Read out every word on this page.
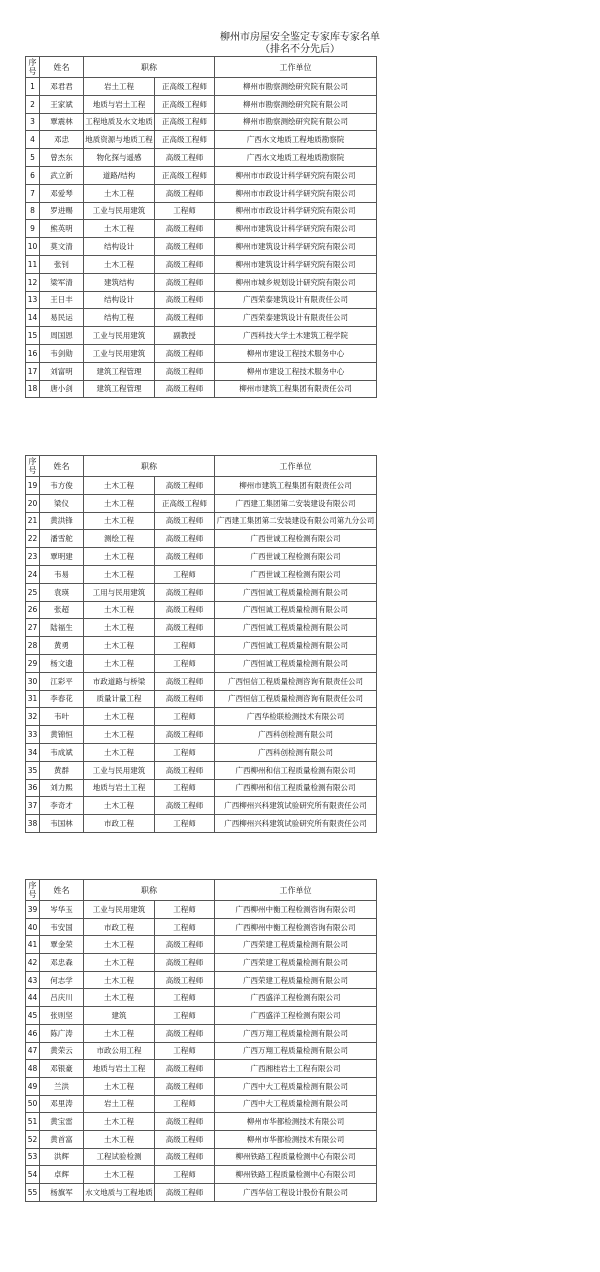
柳州市房屋安全鉴定专家库专家名单
（排名不分先后）
序号	姓名	职称		工作单位
1	邓君君	岩土工程	正高级工程师	柳州市勘察测绘研究院有限公司
2	王家斌	地质与岩土工程	正高级工程师	柳州市勘察测绘研究院有限公司
3	覃震林	工程地质及水文地质	正高级工程师	柳州市勘察测绘研究院有限公司
4	邓忠	地质资源与地质工程	正高级工程师	广西水文地质工程地质勘察院
5	曾杰东	物化探与遥感	高级工程师	广西水文地质工程地质勘察院
6	武立新	道路/结构	正高级工程师	柳州市市政设计科学研究院有限公司
7	邓爱琴	土木工程	高级工程师	柳州市市政设计科学研究院有限公司
8	罗进赐	工业与民用建筑	工程师	柳州市市政设计科学研究院有限公司
9	熊英明	土木工程	高级工程师	柳州市建筑设计科学研究院有限公司
10	莫文清	结构设计	高级工程师	柳州市建筑设计科学研究院有限公司
11	张钊	土木工程	高级工程师	柳州市建筑设计科学研究院有限公司
12	梁军清	建筑结构	高级工程师	柳州市城乡规划设计研究院有限公司
13	王日丰	结构设计	高级工程师	广西荣泰建筑设计有限责任公司
14	易民运	结构工程	高级工程师	广西荣泰建筑设计有限责任公司
15	周国恩	工业与民用建筑	副教授	广西科技大学土木建筑工程学院
16	韦剑勋	工业与民用建筑	高级工程师	柳州市建设工程技术服务中心
17	刘富明	建筑工程管理	高级工程师	柳州市建设工程技术服务中心
18	唐小剑	建筑工程管理	高级工程师	柳州市建筑工程集团有限责任公司
序号	姓名	职称		工作单位
19	韦方俊	土木工程	高级工程师	柳州市建筑工程集团有限责任公司
20	梁仪	土木工程	正高级工程师	广西建工集团第二安装建设有限公司
21	黄洪锋	土木工程	高级工程师	广西建工集团第二安装建设有限公司第九分公司
22	潘雪舵	测绘工程	高级工程师	广西世诚工程检测有限公司
23	覃明建	土木工程	高级工程师	广西世诚工程检测有限公司
24	韦易	土木工程	工程师	广西世诚工程检测有限公司
25	袁瑛	工用与民用建筑	高级工程师	广西恒诚工程质量检测有限公司
26	张超	土木工程	高级工程师	广西恒诚工程质量检测有限公司
27	陆福生	土木工程	高级工程师	广西恒诚工程质量检测有限公司
28	黄勇	土木工程	工程师	广西恒诚工程质量检测有限公司
29	杨文遗	土木工程	工程师	广西恒诚工程质量检测有限公司
30	江彩平	市政道路与桥梁	高级工程师	广西恒信工程质量检测咨询有限责任公司
31	李春花	质量计量工程	高级工程师	广西恒信工程质量检测咨询有限责任公司
32	韦叶	土木工程	工程师	广西华检联检测技术有限公司
33	黄锦恒	土木工程	高级工程师	广西科创检测有限公司
34	韦成斌	土木工程	工程师	广西科创检测有限公司
35	黄群	工业与民用建筑	高级工程师	广西柳州和信工程质量检测有限公司
36	刘力熙	地质与岩土工程	工程师	广西柳州和信工程质量检测有限公司
37	李奇才	土木工程	高级工程师	广西柳州兴科建筑试验研究所有限责任公司
38	韦国林	市政工程	工程师	广西柳州兴科建筑试验研究所有限责任公司
序号	姓名	职称		工作单位
39	岑华玉	工业与民用建筑	工程师	广西柳州中衡工程检测咨询有限公司
40	韦安国	市政工程	工程师	广西柳州中衡工程检测咨询有限公司
41	覃金荣	土木工程	高级工程师	广西荣建工程质量检测有限公司
42	邓忠森	土木工程	高级工程师	广西荣建工程质量检测有限公司
43	何志学	土木工程	高级工程师	广西荣建工程质量检测有限公司
44	吕庆川	土木工程	工程师	广西盛洋工程检测有限公司
45	张则坚	建筑	工程师	广西盛洋工程检测有限公司
46	陈广涛	土木工程	高级工程师	广西万翔工程质量检测有限公司
47	黄荣云	市政公用工程	工程师	广西万翔工程质量检测有限公司
48	邓银豪	地质与岩土工程	高级工程师	广西湘桂岩土工程有限公司
49	兰洪	土木工程	高级工程师	广西中大工程质量检测有限公司
50	邓里涛	岩土工程	工程师	广西中大工程质量检测有限公司
51	黄宝雷	土木工程	高级工程师	柳州市华都检测技术有限公司
52	黄首富	土木工程	高级工程师	柳州市华都检测技术有限公司
53	洪辉	工程试验检测	高级工程师	柳州铁路工程质量检测中心有限公司
54	卓辉	土木工程	工程师	柳州铁路工程质量检测中心有限公司
55	杨旗军	水文地质与工程地质	高级工程师	广西华信工程设计股份有限公司
